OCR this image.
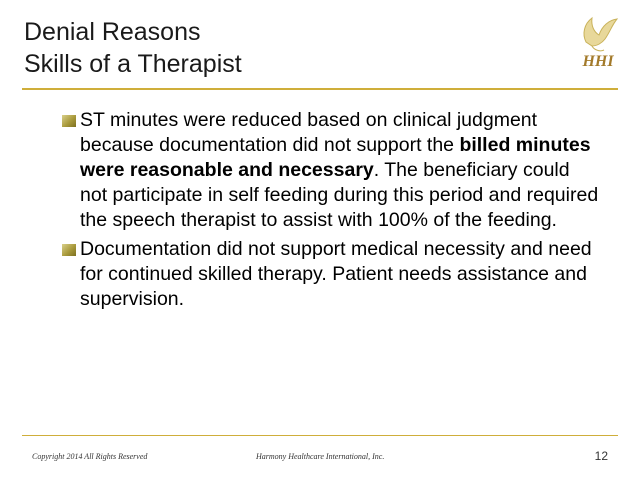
Denial Reasons
Skills of a Therapist	HHI
ST minutes were reduced based on clinical judgment because documentation did not support the billed minutes were reasonable and necessary. The beneficiary could not participate in self feeding during this period and required the speech therapist to assist with 100% of the feeding.
Documentation did not support medical necessity and need for continued skilled therapy. Patient needs assistance and supervision.
Copyright 2014 All Rights Reserved	Harmony Healthcare International, Inc.	12
